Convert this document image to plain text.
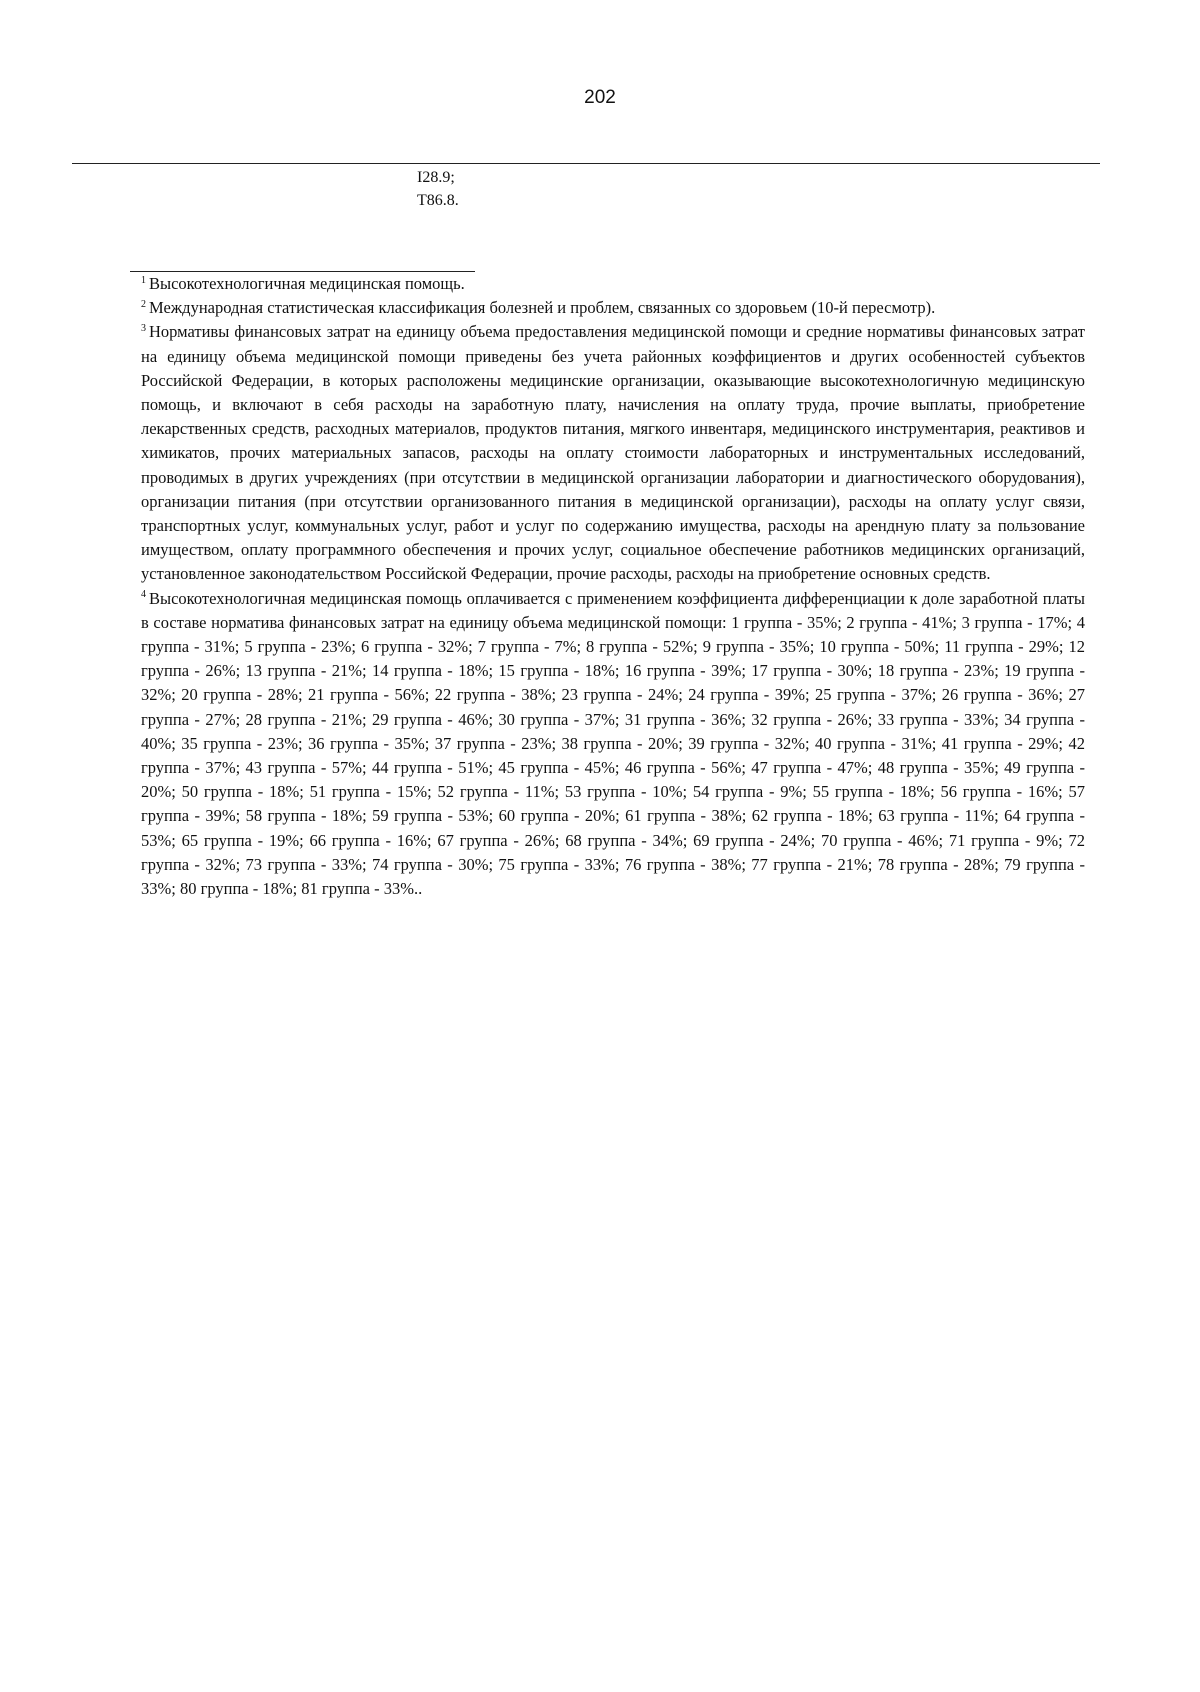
202
I28.9;
T86.8.

$^1$ Высокотехнологичная медицинская помощь.

$^2$ Международная статистическая классификация болезней и проблем, связанных со здоровьем (10-й пересмотр).

$^3$ Нормативы финансовых затрат на единицу объема предоставления медицинской помощи и средние нормативы финансовых затрат на единицу объема медицинской помощи приведены без учета районных коэффициентов и других особенностей субъектов Российской Федерации, в которых расположены медицинские организации, оказывающие высокотехнологичную медицинскую помощь, и включают в себя расходы на заработную плату, начисления на оплату труда, прочие выплаты, приобретение лекарственных средств, расходных материалов, продуктов питания, мягкого инвентаря, медицинского инструментария, реактивов и химикатов, прочих материальных запасов, расходы на оплату стоимости лабораторных и инструментальных исследований, проводимых в других учреждениях (при отсутствии в медицинской организации лаборатории и диагностического оборудования), организации питания (при отсутствии организованного питания в медицинской организации), расходы на оплату услуг связи, транспортных услуг, коммунальных услуг, работ и услуг по содержанию имущества, расходы на арендную плату за пользование имуществом, оплату программного обеспечения и прочих услуг, социальное обеспечение работников медицинских организаций, установленное законодательством Российской Федерации, прочие расходы, расходы на приобретение основных средств.

$^4$ Высокотехнологичная медицинская помощь оплачивается с применением коэффициента дифференциации к доле заработной платы в составе норматива финансовых затрат на единицу объема медицинской помощи: 1 группа - 35%; 2 группа - 41%; 3 группа - 17%; 4 группа - 31%; 5 группа - 23%; 6 группа - 32%; 7 группа - 7%; 8 группа - 52%; 9 группа - 35%; 10 группа - 50%; 11 группа - 29%; 12 группа - 26%; 13 группа - 21%; 14 группа - 18%; 15 группа - 18%; 16 группа - 39%; 17 группа - 30%; 18 группа - 23%; 19 группа - 32%; 20 группа - 28%; 21 группа - 56%; 22 группа - 38%; 23 группа - 24%; 24 группа - 39%; 25 группа - 37%; 26 группа - 36%; 27 группа - 27%; 28 группа - 21%; 29 группа - 46%; 30 группа - 37%; 31 группа - 36%; 32 группа - 26%; 33 группа - 33%; 34 группа - 40%; 35 группа - 23%; 36 группа - 35%; 37 группа - 23%; 38 группа - 20%; 39 группа - 32%; 40 группа - 31%; 41 группа - 29%; 42 группа - 37%; 43 группа - 57%; 44 группа - 51%; 45 группа - 45%; 46 группа - 56%; 47 группа - 47%; 48 группа - 35%; 49 группа - 20%; 50 группа - 18%; 51 группа - 15%; 52 группа - 11%; 53 группа - 10%; 54 группа - 9%; 55 группа - 18%; 56 группа - 16%; 57 группа - 39%; 58 группа - 18%; 59 группа - 53%; 60 группа - 20%; 61 группа - 38%; 62 группа - 18%; 63 группа - 11%; 64 группа - 53%; 65 группа - 19%; 66 группа - 16%; 67 группа - 26%; 68 группа - 34%; 69 группа - 24%; 70 группа - 46%; 71 группа - 9%; 72 группа - 32%; 73 группа - 33%; 74 группа - 30%; 75 группа - 33%; 76 группа - 38%; 77 группа - 21%; 78 группа - 28%; 79 группа - 33%; 80 группа - 18%; 81 группа - 33%..
